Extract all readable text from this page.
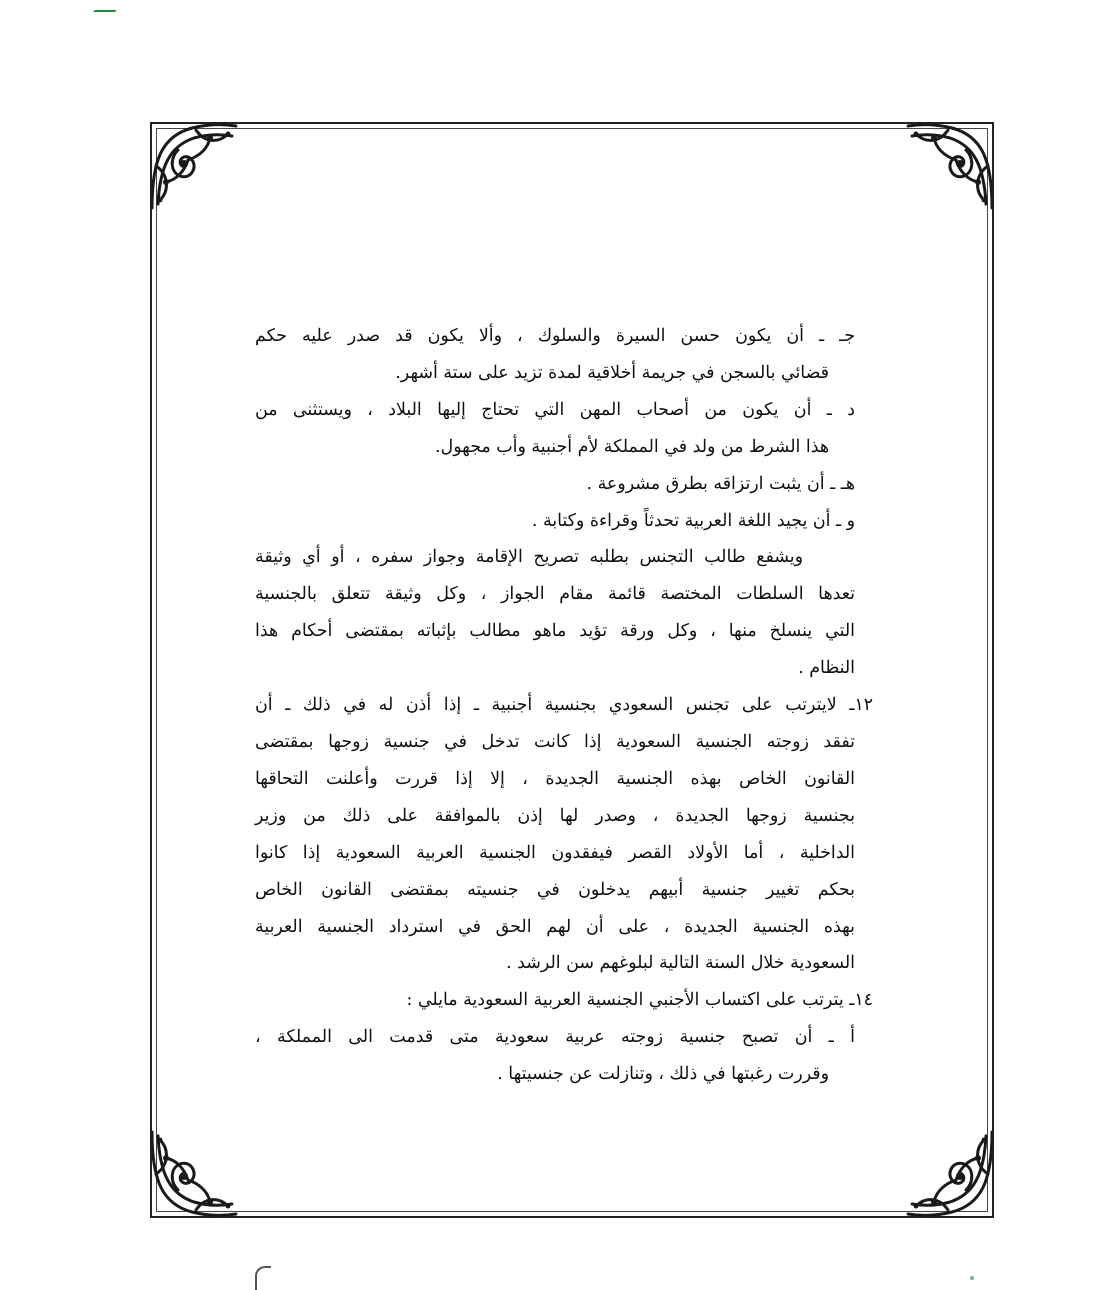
جـ ـ أن يكون حسن السيرة والسلوك ، وألا يكون قد صدر عليه حكم
قضائي بالسجن في جريمة أخلاقية لمدة تزيد على ستة أشهر.
د ـ أن يكون من أصحاب المهن التي تحتاج إليها البلاد ، ويستثنى من
هذا الشرط من ولد في المملكة لأم أجنبية وأب مجهول.
هـ ـ أن يثبت ارتزاقه بطرق مشروعة .
و ـ أن يجيد اللغة العربية تحدثاً وقراءة وكتابة .
ويشفع طالب التجنس بطلبه تصريح الإقامة وجواز سفره ، أو أي وثيقة
تعدها السلطات المختصة قائمة مقام الجواز ، وكل وثيقة تتعلق بالجنسية
التي ينسلخ منها ، وكل ورقة تؤيد ماهو مطالب بإثباته بمقتضى أحكام هذا
النظام .
١٢ـ لايترتب على تجنس السعودي بجنسية أجنبية ـ إذا أذن له في ذلك ـ أن
تفقد زوجته الجنسية السعودية إذا كانت تدخل في جنسية زوجها بمقتضى
القانون الخاص بهذه الجنسية الجديدة ، إلا إذا قررت وأعلنت التحاقها
بجنسية زوجها الجديدة ، وصدر لها إذن بالموافقة على ذلك من وزير
الداخلية ، أما الأولاد القصر فيفقدون الجنسية العربية السعودية إذا كانوا
بحكم تغيير جنسية أبيهم يدخلون في جنسيته بمقتضى القانون الخاص
بهذه الجنسية الجديدة ، على أن لهم الحق في استرداد الجنسية العربية
السعودية خلال السنة التالية لبلوغهم سن الرشد .
١٤ـ يترتب على اكتساب الأجنبي الجنسية العربية السعودية مايلي :
أ ـ أن تصبح جنسية زوجته عربية سعودية متى قدمت الى المملكة ،
وقررت رغبتها في ذلك ، وتنازلت عن جنسيتها .
